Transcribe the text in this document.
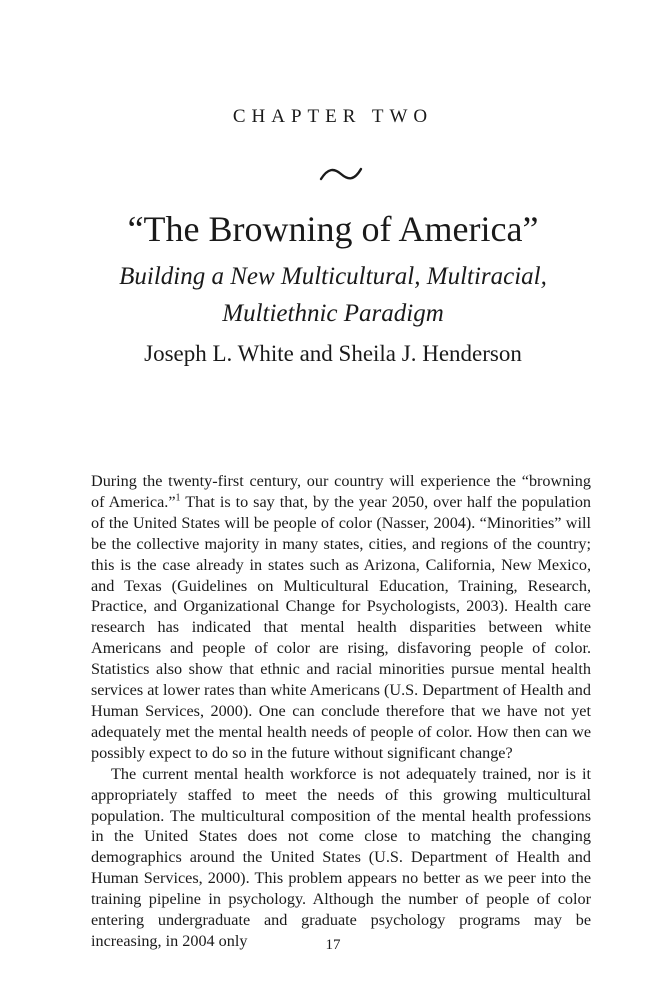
CHAPTER TWO
“The Browning of America”
Building a New Multicultural, Multiracial,
Multiethnic Paradigm
Joseph L. White and Sheila J. Henderson

During the twenty-first century, our country will experience the “browning of America.”$^1$ That is to say that, by the year 2050, over half the population of the United States will be people of color (Nasser, 2004). “Minorities” will be the collective majority in many states, cities, and regions of the country; this is the case already in states such as Arizona, California, New Mexico, and Texas (Guidelines on Multicultural Education, Training, Research, Practice, and Organizational Change for Psychologists, 2003). Health care research has indicated that mental health disparities between white Americans and people of color are rising, disfavoring people of color. Statistics also show that ethnic and racial minorities pursue mental health services at lower rates than white Americans (U.S. Department of Health and Human Services, 2000). One can conclude therefore that we have not yet adequately met the mental health needs of people of color. How then can we possibly expect to do so in the future without significant change?

The current mental health workforce is not adequately trained, nor is it appropriately staffed to meet the needs of this growing multicultural population. The multicultural composition of the mental health professions in the United States does not come close to matching the changing demographics around the United States (U.S. Department of Health and Human Services, 2000). This problem appears no better as we peer into the training pipeline in psychology. Although the number of people of color entering undergraduate and graduate psychology programs may be increasing, in 2004 only	17
